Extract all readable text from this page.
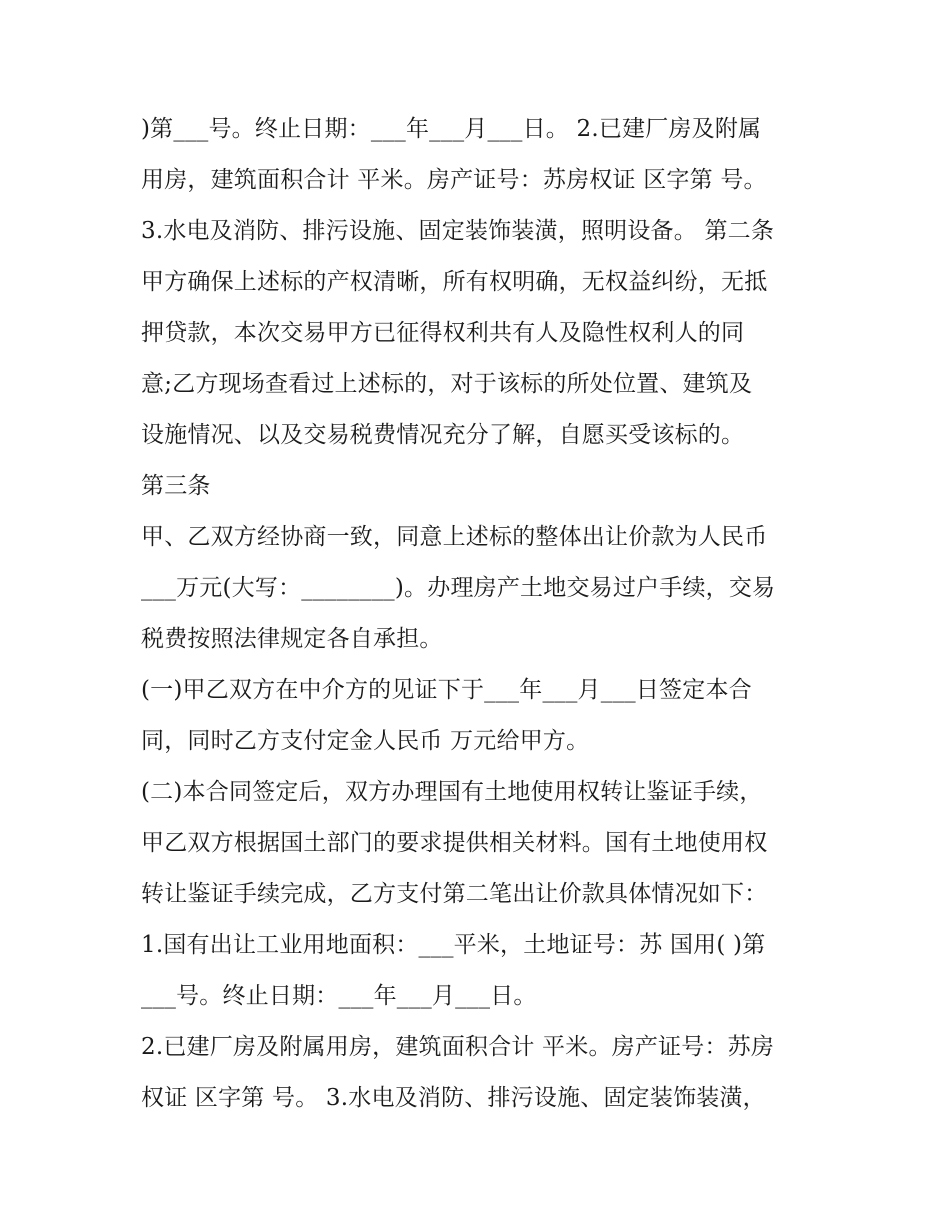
)第___号。终止日期：___年___月___日。 2.已建厂房及附属
用房，建筑面积合计 平米。房产证号：苏房权证 区字第 号。
3.水电及消防、排污设施、固定装饰装潢，照明设备。 第二条
甲方确保上述标的产权清晰，所有权明确，无权益纠纷，无抵
押贷款，本次交易甲方已征得权利共有人及隐性权利人的同
意;乙方现场查看过上述标的，对于该标的所处位置、建筑及
设施情况、以及交易税费情况充分了解，自愿买受该标的。
第三条
甲、乙双方经协商一致，同意上述标的整体出让价款为人民币
___万元(大写：________)。办理房产土地交易过户手续，交易
税费按照法律规定各自承担。
(一)甲乙双方在中介方的见证下于___年___月___日签定本合
同，同时乙方支付定金人民币 万元给甲方。
(二)本合同签定后，双方办理国有土地使用权转让鉴证手续，
甲乙双方根据国土部门的要求提供相关材料。国有土地使用权
转让鉴证手续完成，乙方支付第二笔出让价款具体情况如下：
1.国有出让工业用地面积：___平米，土地证号：苏 国用( )第
___号。终止日期：___年___月___日。
2.已建厂房及附属用房，建筑面积合计 平米。房产证号：苏房
权证 区字第 号。 3.水电及消防、排污设施、固定装饰装潢，
